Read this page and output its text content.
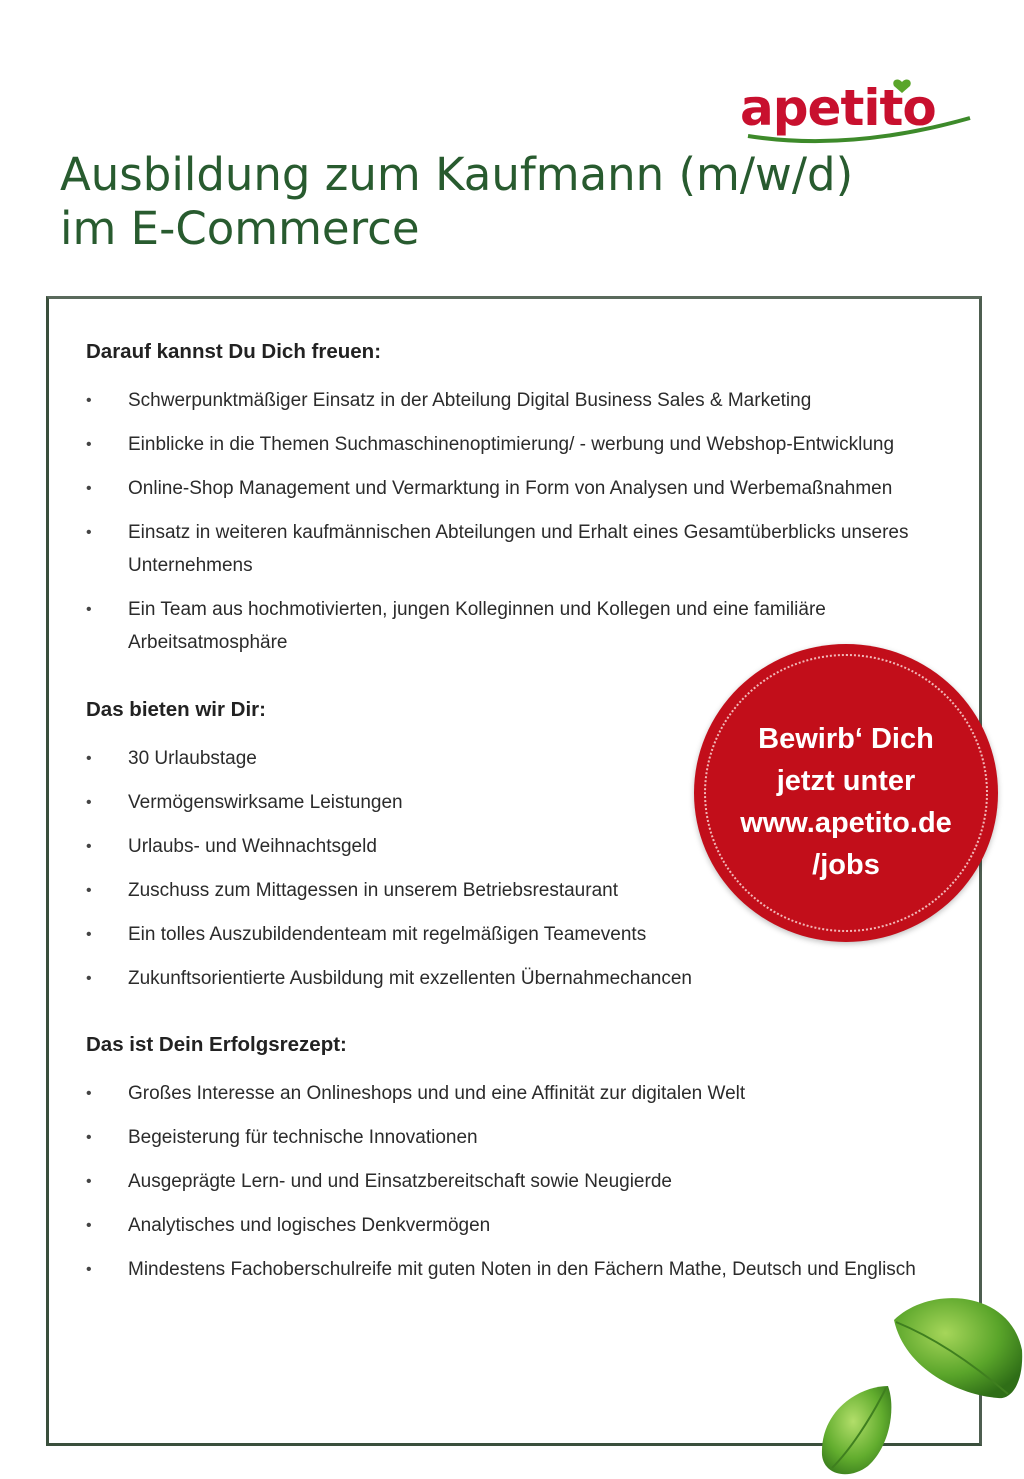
apetito
Ausbildung zum Kaufmann (m/w/d)
im E-Commerce
Darauf kannst Du Dich freuen:
• Schwerpunktmäßiger Einsatz in der Abteilung Digital Business Sales & Marketing
• Einblicke in die Themen Suchmaschinenoptimierung/ - werbung und Webshop-Entwicklung
• Online-Shop Management und Vermarktung in Form von Analysen und Werbemaßnahmen
• Einsatz in weiteren kaufmännischen Abteilungen und Erhalt eines Gesamtüberblicks unseres Unternehmens
• Ein Team aus hochmotivierten, jungen Kolleginnen und Kollegen und eine familiäre Arbeitsatmosphäre
Das bieten wir Dir:
• 30 Urlaubstage
• Vermögenswirksame Leistungen
• Urlaubs- und Weihnachtsgeld
• Zuschuss zum Mittagessen in unserem Betriebsrestaurant
• Ein tolles Auszubildendenteam mit regelmäßigen Teamevents
• Zukunftsorientierte Ausbildung mit exzellenten Übernahmechancen
Das ist Dein Erfolgsrezept:
• Großes Interesse an Onlineshops und und eine Affinität zur digitalen Welt
• Begeisterung für technische Innovationen
• Ausgeprägte Lern- und und Einsatzbereitschaft sowie Neugierde
• Analytisches und logisches Denkvermögen
• Mindestens Fachoberschulreife mit guten Noten in den Fächern Mathe, Deutsch und Englisch
Bewirb‘ Dich
jetzt unter
www.apetito.de
/jobs
